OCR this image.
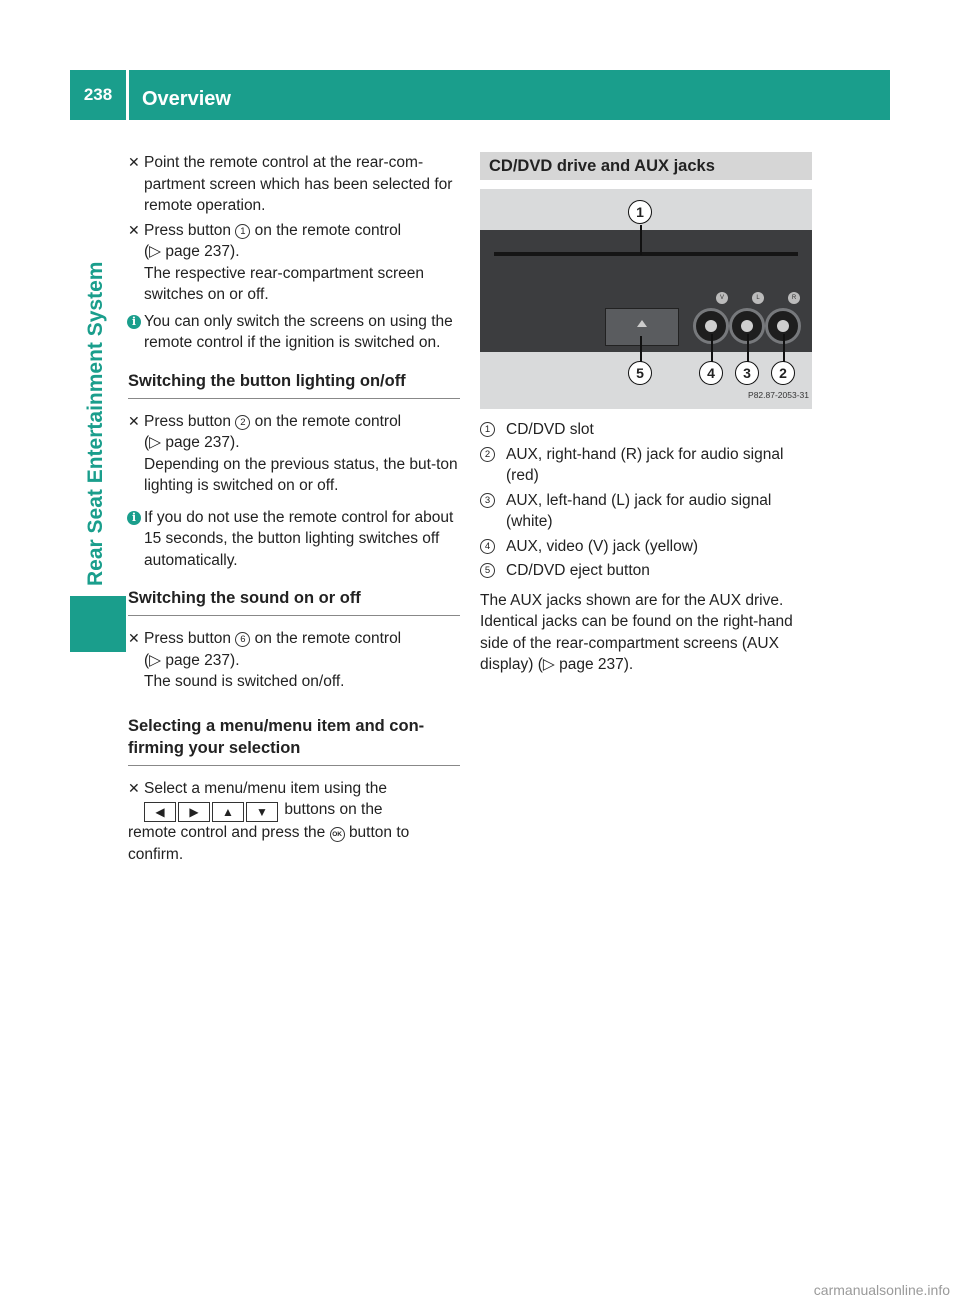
238 Overview
Rear Seat Entertainment System
✕ Point the remote control at the rear-com-partment screen which has been selected for remote operation.
✕ Press button 1 on the remote control
(▷ page 237).
The respective rear-compartment screen switches on or off.
i You can only switch the screens on using the remote control if the ignition is switched on.
Switching the button lighting on/off
✕ Press button 2 on the remote control
(▷ page 237).
Depending on the previous status, the but-ton lighting is switched on or off.
i If you do not use the remote control for about 15 seconds, the button lighting switches off automatically.
Switching the sound on or off
✕ Press button 6 on the remote control
(▷ page 237).
The sound is switched on/off.
Selecting a menu/menu item and con-firming your selection
✕ Select a menu/menu item using the
◀ ▶ ▲ ▼ buttons on the
remote control and press the OK button to confirm.
CD/DVD drive and AUX jacks
V	L	R
1
5	4	3	2
P82.87-2053-31
1	CD/DVD slot
2	AUX, right-hand (R) jack for audio signal (red)
3	AUX, left-hand (L) jack for audio signal (white)
4	AUX, video (V) jack (yellow)
5	CD/DVD eject button

The AUX jacks shown are for the AUX drive. Identical jacks can be found on the right-hand side of the rear-compartment screens (AUX display) (▷ page 237).

carmanualsonline.info
